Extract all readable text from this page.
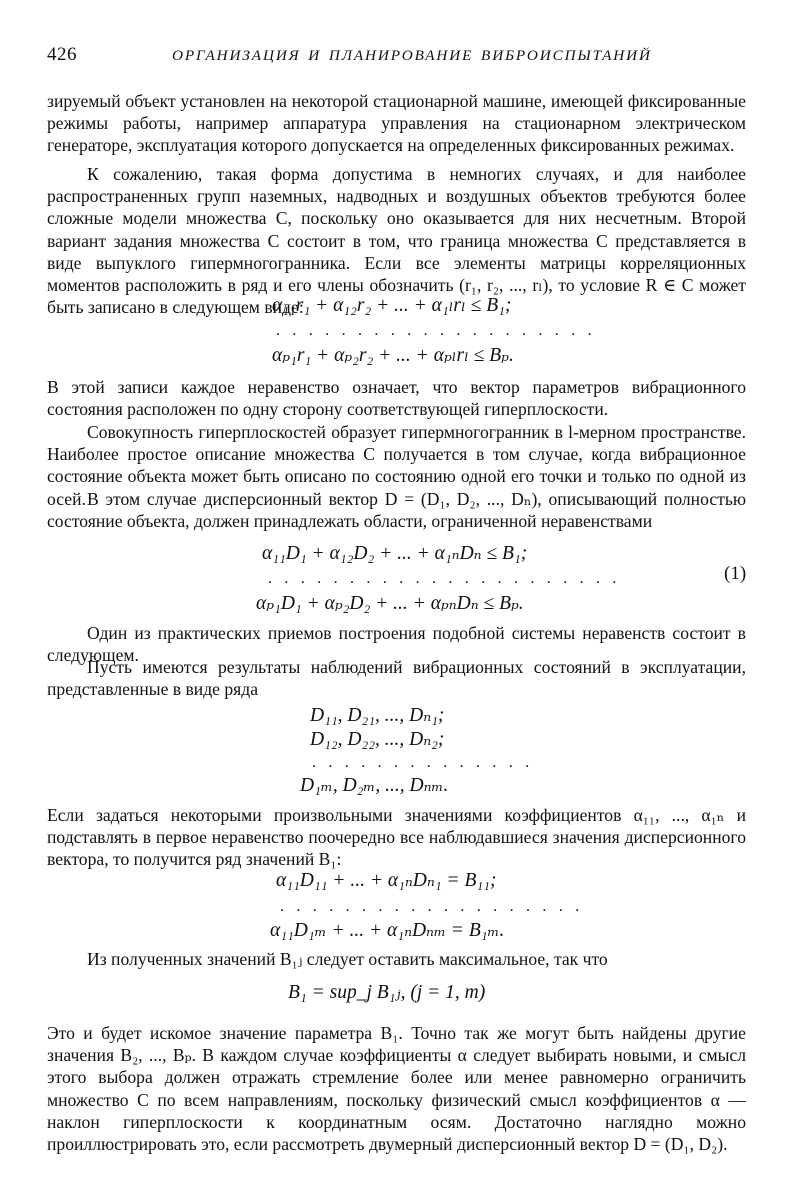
426	ОРГАНИЗАЦИЯ И ПЛАНИРОВАНИЕ ВИБРОИСПЫТАНИЙ

зируемый объект установлен на некоторой стационарной машине, имеющей фиксированные режимы работы, например аппаратура управления на стационарном электрическом генераторе, эксплуатация которого допускается на определенных фиксированных режимах.

К сожалению, такая форма допустима в немногих случаях, и для наиболее распространенных групп наземных, надводных и воздушных объектов требуются более сложные модели множества C, поскольку оно оказывается для них несчетным. Второй вариант задания множества C состоит в том, что граница множества C представляется в виде выпуклого гипермногогранника. Если все элементы матрицы корреляционных моментов расположить в ряд и его члены обозначить (r₁, r₂, ..., rₗ), то условие R ∈ C может быть записано в следующем виде:

α₁₁r₁ + α₁₂r₂ + ... + α₁ₗrₗ ≤ B₁;
. . . . . . . . . . . . . . . . . . . .
αₚ₁r₁ + αₚ₂r₂ + ... + αₚₗrₗ ≤ Bₚ.

В этой записи каждое неравенство означает, что вектор параметров вибрационного состояния расположен по одну сторону соответствующей гиперплоскости.

Совокупность гиперплоскостей образует гипермногогранник в l-мерном пространстве. Наиболее простое описание множества C получается в том случае, когда вибрационное состояние объекта может быть описано по состоянию одной его точки и только по одной из осей. В этом случае дисперсионный вектор D = (D₁, D₂, ..., Dₙ), описывающий полностью состояние объекта, должен принадлежать области, ограниченной неравенствами

α₁₁D₁ + α₁₂D₂ + ... + α₁ₙDₙ ≤ B₁;
. . . . . . . . . . . . . . . . . . . . . .	(1)
αₚ₁D₁ + αₚ₂D₂ + ... + αₚₙDₙ ≤ Bₚ.

Один из практических приемов построения подобной системы неравенств состоит в следующем.

Пусть имеются результаты наблюдений вибрационных состояний в эксплуатации, представленные в виде ряда

D₁₁, D₂₁, ..., Dₙ₁;
D₁₂, D₂₂, ..., Dₙ₂;
. . . . . . . . . . . . . .
D₁ₘ, D₂ₘ, ..., Dₙₘ.

Если задаться некоторыми произвольными значениями коэффициентов α₁₁, ..., α₁ₙ и подставлять в первое неравенство поочередно все наблюдавшиеся значения дисперсионного вектора, то получится ряд значений B₁:

α₁₁D₁₁ + ... + α₁ₙDₙ₁ = B₁₁;
. . . . . . . . . . . . . . . . . . .
α₁₁D₁ₘ + ... + α₁ₙDₙₘ = B₁ₘ.

Из полученных значений B₁ⱼ следует оставить максимальное, так что

B₁ = sup_j B₁ⱼ, (j = 1, m)

Это и будет искомое значение параметра B₁. Точно так же могут быть найдены другие значения B₂, ..., Bₚ. В каждом случае коэффициенты α следует выбирать новыми, и смысл этого выбора должен отражать стремление более или менее равномерно ограничить множество C по всем направлениям, поскольку физический смысл коэффициентов α — наклон гиперплоскости к координатным осям. Достаточно наглядно можно проиллюстрировать это, если рассмотреть двумерный дисперсионный вектор D = (D₁, D₂).
